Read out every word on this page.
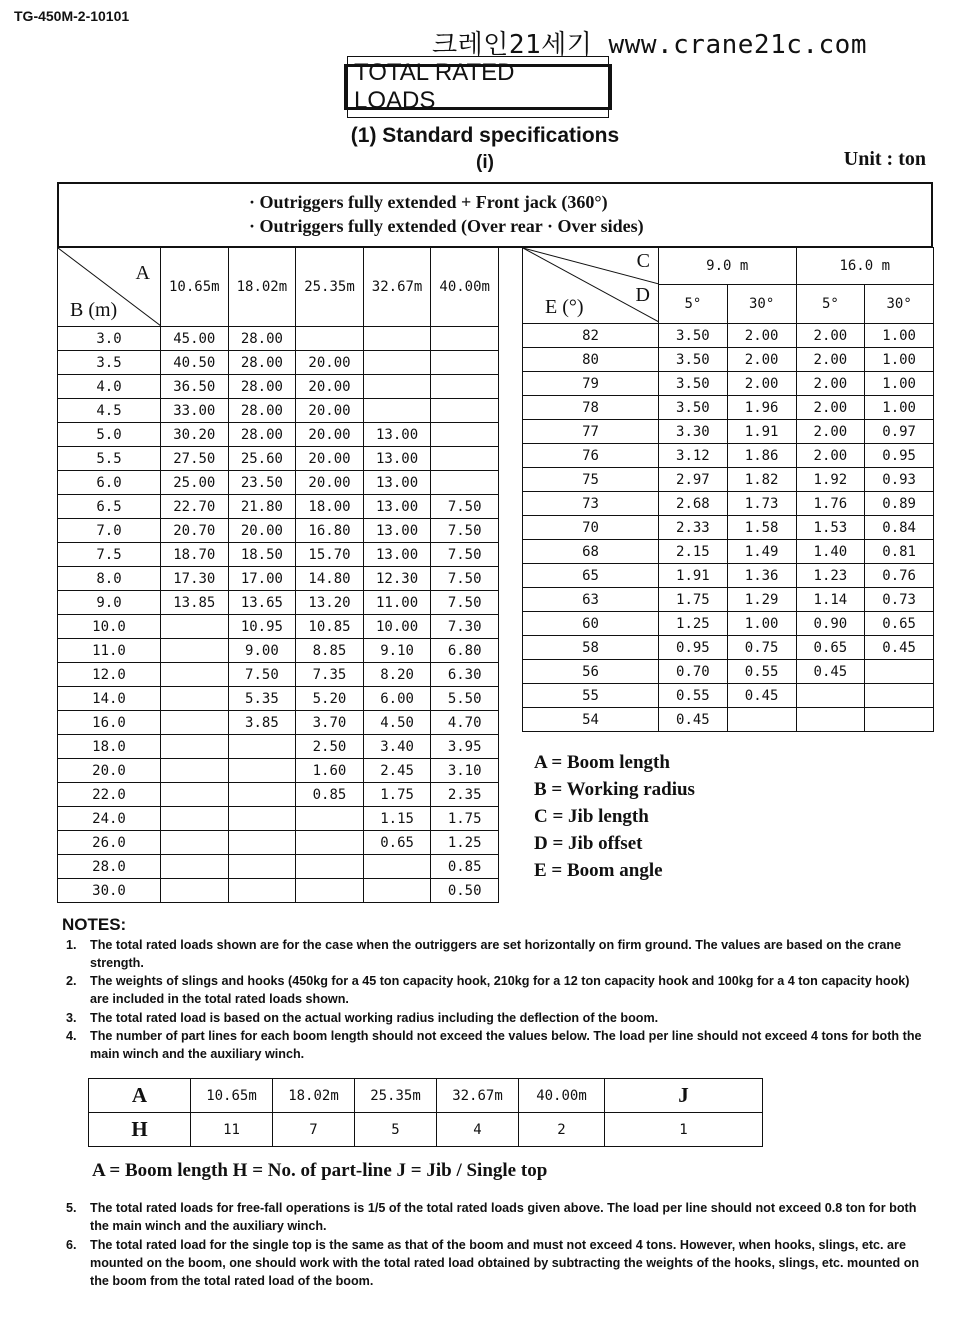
TG-450M-2-10101
크레인21세기 www.crane21c.com
TOTAL RATED LOADS
(1) Standard specifications
(i)	Unit : ton
· Outriggers fully extended + Front jack (360°)
· Outriggers fully extended (Over rear · Over sides)
A
B (m)	10.65m	18.02m	25.35m	32.67m	40.00m
3.0	45.00	28.00			
3.5	40.50	28.00	20.00		
4.0	36.50	28.00	20.00		
4.5	33.00	28.00	20.00		
5.0	30.20	28.00	20.00	13.00	
5.5	27.50	25.60	20.00	13.00	
6.0	25.00	23.50	20.00	13.00	
6.5	22.70	21.80	18.00	13.00	7.50
7.0	20.70	20.00	16.80	13.00	7.50
7.5	18.70	18.50	15.70	13.00	7.50
8.0	17.30	17.00	14.80	12.30	7.50
9.0	13.85	13.65	13.20	11.00	7.50
10.0		10.95	10.85	10.00	7.30
11.0		9.00	8.85	9.10	6.80
12.0		7.50	7.35	8.20	6.30
14.0		5.35	5.20	6.00	5.50
16.0		3.85	3.70	4.50	4.70
18.0			2.50	3.40	3.95
20.0			1.60	2.45	3.10
22.0			0.85	1.75	2.35
24.0				1.15	1.75
26.0				0.65	1.25
28.0					0.85
30.0					0.50
C
D
E (°)	9.0 m		16.0 m	
	5°	30°	5°	30°
82	3.50	2.00	2.00	1.00
80	3.50	2.00	2.00	1.00
79	3.50	2.00	2.00	1.00
78	3.50	1.96	2.00	1.00
77	3.30	1.91	2.00	0.97
76	3.12	1.86	2.00	0.95
75	2.97	1.82	1.92	0.93
73	2.68	1.73	1.76	0.89
70	2.33	1.58	1.53	0.84
68	2.15	1.49	1.40	0.81
65	1.91	1.36	1.23	0.76
63	1.75	1.29	1.14	0.73
60	1.25	1.00	0.90	0.65
58	0.95	0.75	0.65	0.45
56	0.70	0.55	0.45	
55	0.55	0.45		
54	0.45			
A = Boom length
B = Working radius
C = Jib length
D = Jib offset
E = Boom angle
NOTES:
1. The total rated loads shown are for the case when the outriggers are set horizontally on firm ground. The values are based on the crane strength.
2. The weights of slings and hooks (450kg for a 45 ton capacity hook, 210kg for a 12 ton capacity hook and 100kg for a 4 ton capacity hook) are included in the total rated loads shown.
3. The total rated load is based on the actual working radius including the deflection of the boom.
4. The number of part lines for each boom length should not exceed the values below. The load per line should not exceed 4 tons for both the main winch and the auxiliary winch.
A	10.65m	18.02m	25.35m	32.67m	40.00m	J
H	11	7	5	4	2	1
A = Boom length H = No. of part-line J = Jib / Single top
5. The total rated loads for free-fall operations is 1/5 of the total rated loads given above. The load per line should not exceed 0.8 ton for both the main winch and the auxiliary winch.
6. The total rated load for the single top is the same as that of the boom and must not exceed 4 tons. However, when hooks, slings, etc. are mounted on the boom, one should work with the total rated load obtained by subtracting the weights of the hooks, slings, etc. mounted on the boom from the total rated load of the boom.
